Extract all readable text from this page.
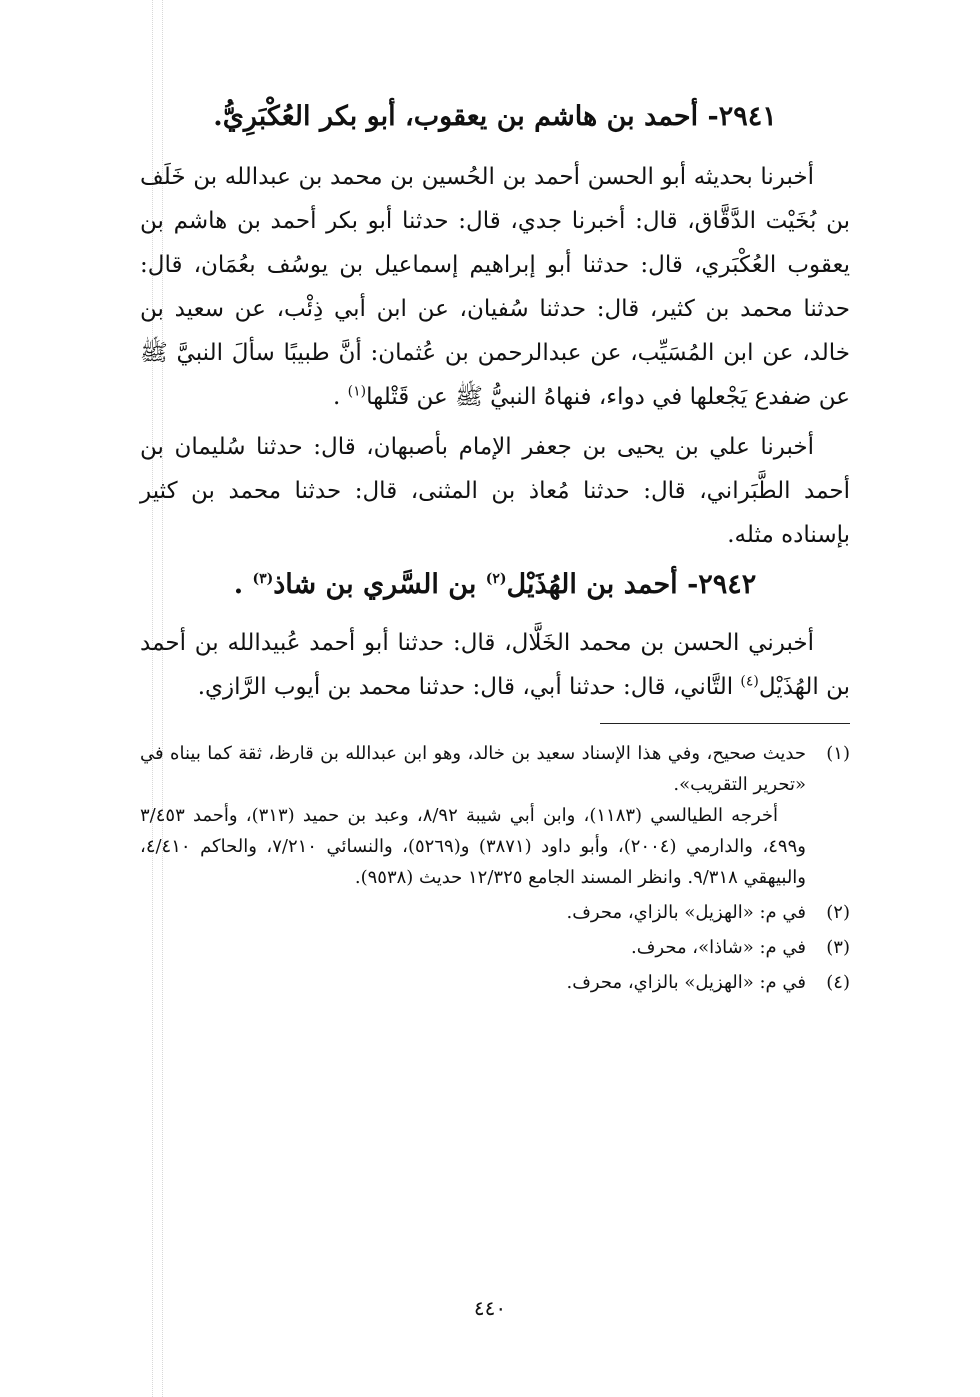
٢٩٤١- أحمد بن هاشم بن يعقوب، أبو بكر العُكْبَرِيُّ.

أخبرنا بحديثه أبو الحسن أحمد بن الحُسين بن محمد بن عبدالله بن خَلَف بن بُخَيْت الدَّقَّاق، قال: أخبرنا جدي، قال: حدثنا أبو بكر أحمد بن هاشم بن يعقوب العُكْبَري، قال: حدثنا أبو إبراهيم إسماعيل بن يوسُف بعُمَان، قال: حدثنا محمد بن كثير، قال: حدثنا سُفيان، عن ابن أبي ذِئْب، عن سعيد بن خالد، عن ابن المُسَيِّب، عن عبدالرحمن بن عُثمان: أنَّ طبيبًا سألَ النبيَّ ﷺ عن ضفدع يَجْعلها في دواء، فنهاهُ النبيُّ ﷺ عن قَتْلها$^{(١)}$ .

أخبرنا علي بن يحيى بن جعفر الإمام بأصبهان، قال: حدثنا سُليمان بن أحمد الطَّبَراني، قال: حدثنا مُعاذ بن المثنى، قال: حدثنا محمد بن كثير بإسناده مثله.

٢٩٤٢- أحمد بن الهُذَيْل$^{(٢)}$ بن السَّري بن شاذ$^{(٣)}$ .

أخبرني الحسن بن محمد الخَلَّال، قال: حدثنا أبو أحمد عُبيدالله بن أحمد بن الهُذَيْل$^{(٤)}$ التَّاني، قال: حدثنا أبي، قال: حدثنا محمد بن أيوب الرَّازي.

(١)

حديث صحيح، وفي هذا الإسناد سعيد بن خالد، وهو ابن عبدالله بن قارظ، ثقة كما بيناه في «تحرير التقريب».

أخرجه الطيالسي (١١٨٣)، وابن أبي شيبة ٨/٩٢، وعبد بن حميد (٣١٣)، وأحمد ٣/٤٥٣ و٤٩٩، والدارمي (٢٠٠٤)، وأبو داود (٣٨٧١) و(٥٢٦٩)، والنسائي ٧/٢١٠، والحاكم ٤/٤١٠، والبيهقي ٩/٣١٨. وانظر المسند الجامع ١٢/٣٢٥ حديث (٩٥٣٨).

(٢)

في م: «الهزيل» بالزاي، محرف.

(٣)

في م: «شاذا»، محرف.

(٤)

في م: «الهزيل» بالزاي، محرف.

٤٤٠
